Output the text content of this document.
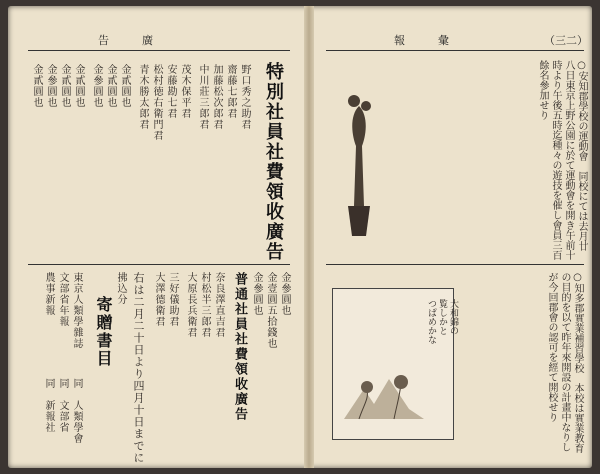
告　　　廣
特別社員社費領收廣告
野口秀之助君
齋藤七郎君
加藤松次郎君
中川莊三郎君
茂木保平君
安藤勘七君
松村徳右衛門君
青木勝太郎君
金貳圓也
金貳圓也
金參圓也
金貳圓也
金貳圓也
金參圓也
金貳圓也
金參圓也
金壹圓五拾錢也
金參圓也
普通社員社費領收廣告
奈良澤直吉君
村松半三郎君
大原長兵衛君
三好儀助君
大澤德衛君
右は二月二十日より四月十日までに
拂込分
寄贈書目
東京人類學雜誌
文部省年報
農事新報
同　人類學會
同　文部省
同　新報社
（三二）
報　　　彙
○安知郡學校の運動會　同校にては去月廿八日東京上野公園に於て運動會を開き午前十時より午後五時迄種々の遊技を催し會員三百餘名參加せり
○知多郡實業補習學校　本校は實業教育の目的を以て昨年來開設の計畫中なりしが今回郡會の認可を經て開校せり
大和錦の
覧しかと
つぱめかな
